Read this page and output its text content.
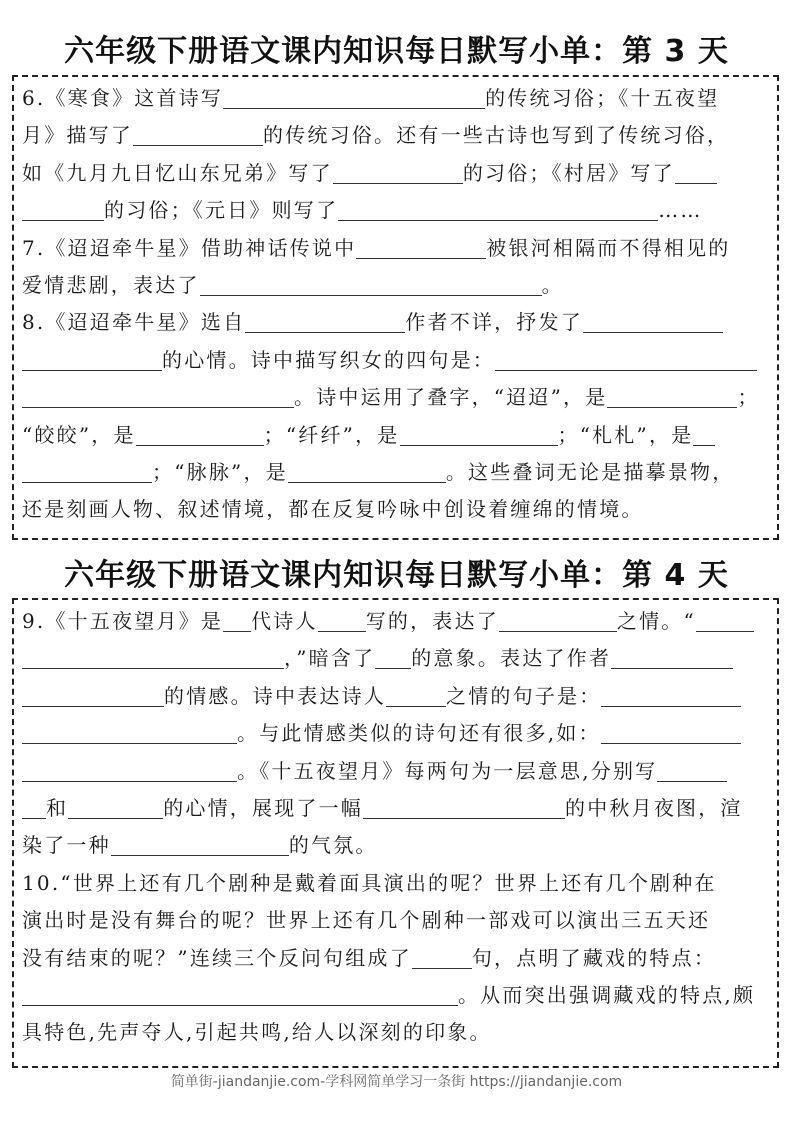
六年级下册语文课内知识每日默写小单：第 3 天
6.《寒食》这首诗写	的传统习俗；《十五夜望
月》描写了	的传统习俗。还有一些古诗也写到了传统习俗，
如《九月九日忆山东兄弟》写了	的习俗；《村居》写了
的习俗；《元日》则写了	……
7.《迢迢牵牛星》借助神话传说中	被银河相隔而不得相见的
爱情悲剧，表达了	。
8.《迢迢牵牛星》选自	作者不详，抒发了
的心情。诗中描写织女的四句是：
。诗中运用了叠字，“迢迢”，是	；
“皎皎”，是	；“纤纤”，是	；“札札”，是
；“脉脉”，是	。这些叠词无论是描摹景物，
还是刻画人物、叙述情境，都在反复吟咏中创设着缠绵的情境。
六年级下册语文课内知识每日默写小单：第 4 天
9.《十五夜望月》是 代诗人 写的，表达了	之情。“
，”暗含了 的意象。表达了作者
的情感。诗中表达诗人	之情的句子是：
。与此情感类似的诗句还有很多,如：
。《十五夜望月》每两句为一层意思,分别写
和	的心情，展现了一幅	的中秋月夜图，渲
染了一种	的气氛。
10.“世界上还有几个剧种是戴着面具演出的呢？世界上还有几个剧种在
演出时是没有舞台的呢？世界上还有几个剧种一部戏可以演出三五天还
没有结束的呢？”连续三个反问句组成了	句，点明了藏戏的特点：
。从而突出强调藏戏的特点,颇
具特色,先声夺人,引起共鸣,给人以深刻的印象。
简单街-jiandanjie.com-学科网简单学习一条街 https://jiandanjie.com
